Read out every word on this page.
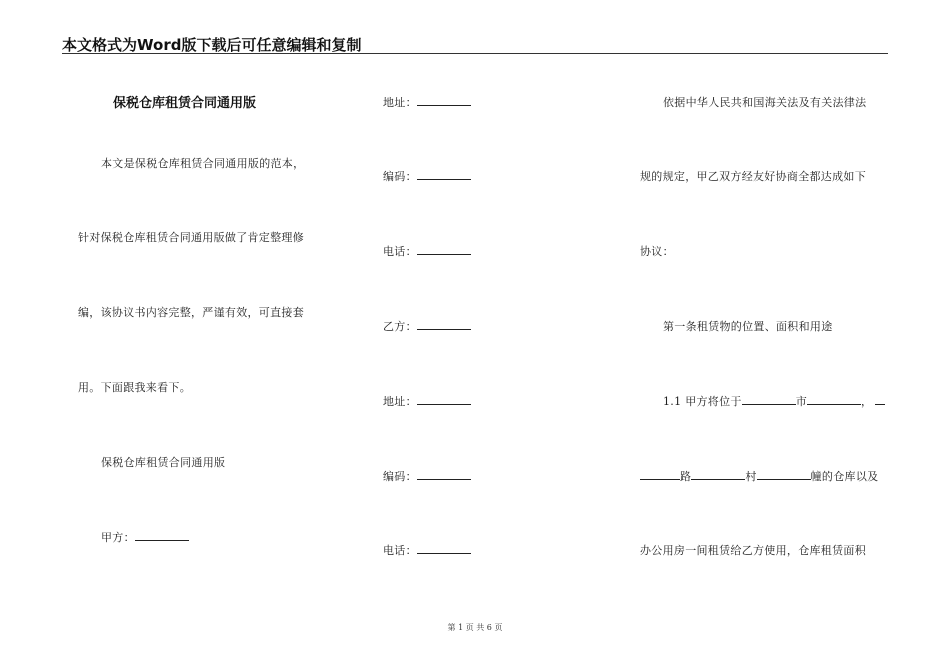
本文格式为Word版下载后可任意编辑和复制
保税仓库租赁合同通用版
本文是保税仓库租赁合同通用版的范本，
针对保税仓库租赁合同通用版做了肯定整理修
编，该协议书内容完整，严谨有效，可直接套
用。下面跟我来看下。
保税仓库租赁合同通用版
甲方：
地址：
编码：
电话：
乙方：
地址：
编码：
电话：
依据中华人民共和国海关法及有关法律法
规的规定，甲乙双方经友好协商全都达成如下
协议：
第一条租赁物的位置、面积和用途
1.1 甲方将位于	市	，
路	村	幢的仓库以及
办公用房一间租赁给乙方使用，仓库租赁面积
第 1 页 共 6 页
